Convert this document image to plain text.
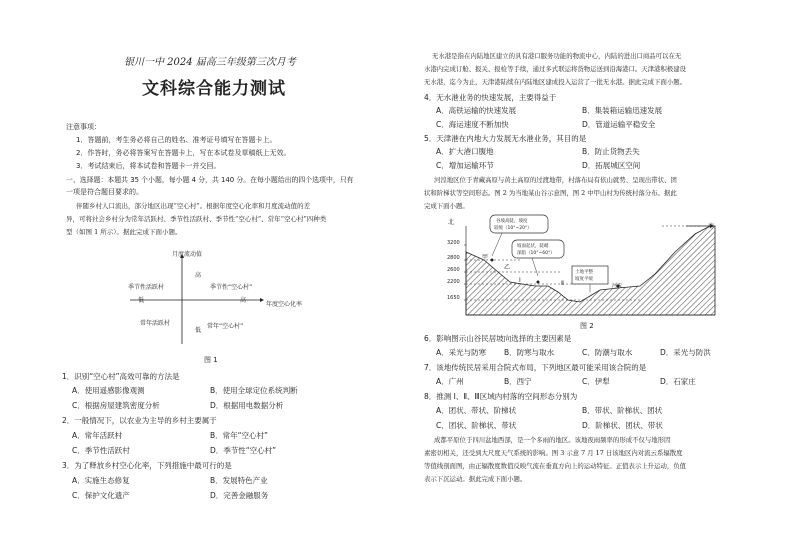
银川一中 2024 届高三年级第三次月考
文科综合能力测试
注意事项：
1．答题前，考生务必将自己的姓名、准考证号填写在答题卡上。
2．作答时，务必将答案写在答题卡上，写在本试卷及草稿纸上无效。
3．考试结束后，将本试卷和答题卡一并交回。
一、选择题：本题共 35 个小题，每小题 4 分，共 140 分。在每小题给出的四个选项中，只有
一项是符合题目要求的。
伴随乡村人口流出，部分地区出现“空心村”。根据年度空心化率和月度流动值的差
异，可将社会乡村分为常年活跃村、季节性活跃村、季节性“空心村”、常年“空心村”四种类
型（如图 1 所示）。据此完成下面小题。
月度流动值
年度空心化率
高
低	高
低
季节性活跃村	季节性“空心村”
常年活跃村	常年“空心村”
图 1
1．识别“空心村”高效可靠的方法是
A．使用遥感影像观测	B．使用全球定位系统判断
C．根据房屋建筑密度分析	D．根据用电数据分析
2．一般情况下，以农业为主导的乡村主要属于
A．常年活跃村	B．常年“空心村”
C．季节性活跃村	D．季节性“空心村”
3．为了释放乡村空心化率，下列措施中最可行的是
A．实施生态修复	B．发展特色产业
C．保护文化遗产	D．完善金融服务
无水港是指在内陆地区建立的具有港口服务功能的物流中心，内陆的进出口商品可以在无
水港内完成订舱、报关、报检等手续，通过多式联运将货物运送到沿海港口。天津港积极建设
无水港，迄今为止，天津港陆续在内陆地区建成投入运营了一批无水港。据此完成下面小题。
4．无水港业务的快速发展，主要得益于
A．高铁运输的快速发展	B．集装箱运输迅速发展
C．海运速度不断加快	D．管道运输平稳安全
5．天津港在内地大力发展无水港业务，其目的是
A．扩大港口腹地	B．防止货物丢失
C．增加运输环节	D．拓展城区空间
河湟地区位于青藏高原与黄土高原的过渡地带，村落布局有依山就势、呈现出带状、团
状和阶梯状等空间形态。图 2 为当地某山谷示意图，图 2 中甲山村为传统村落分布。据此
完成下面小题。
北
南
3200
2800
2600
2200
1650
谷坡高陡，坡度
较缓（10°~20°）
坡面起伏，陡峭
深陷（10°~60°）
土地平整
坡度平缓
甲
乙
Ⅰ	Ⅱ	河流
图 2
6．影响图示山谷民居坡向选择的主要因素是
A．采光与防寒 B．防寒与取水	C．防潮与取水	D．采光与防洪
7．该地传统民居采用合院式布局，下列地区最可能采用该合院的是
A．广州	B．西宁	C．伊犁	D．石家庄
8．推测 Ⅰ、Ⅱ、Ⅲ区域内村落的空间形态分别为
A．团状、带状、阶梯状	B．带状、阶梯状、团状
C．团状、阶梯状、带状	D．阶梯状、团状、带状
成都平原位于四川盆地西部，是一个多雨的地区。该地夜雨频率的形成不仅与地形因
素密切相关，还受到大尺度天气系统的影响。图 3 示意 7 月 17 日该地区内对流云系辐散度
等值线剖面图，由正辐散度数值反映气流在垂直方向上的运动特征。正值表示上升运动，负值
表示下沉运动。据此完成下面小题。
